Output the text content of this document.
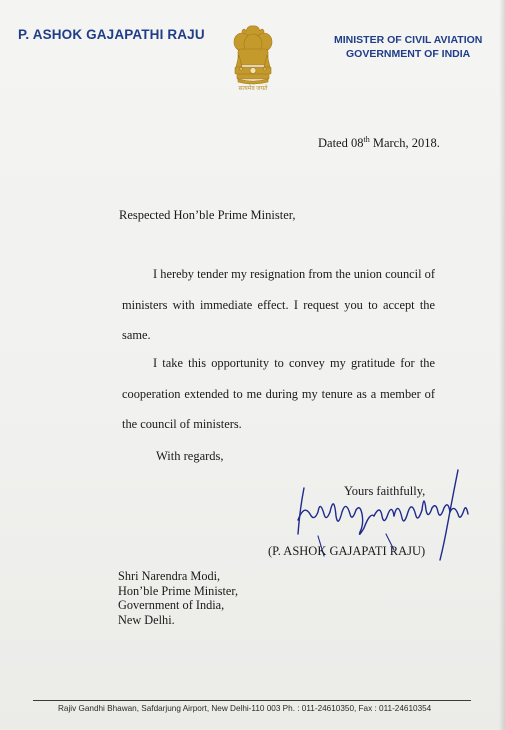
P. ASHOK GAJAPATHI RAJU
सत्यमेव जयते
MINISTER OF CIVIL AVIATION
GOVERNMENT OF INDIA
Dated 08th March, 2018.
Respected Hon’ble Prime Minister,

I hereby tender my resignation from the union council of ministers with immediate effect. I request you to accept the same.

I take this opportunity to convey my gratitude for the cooperation extended to me during my tenure as a member of the council of ministers.

With regards,
Yours faithfully,
(P. ASHOK GAJAPATI RAJU)
Shri Narendra Modi,
Hon’ble Prime Minister,
Government of India,
New Delhi.
Rajiv Gandhi Bhawan, Safdarjung Airport, New Delhi-110 003 Ph. : 011-24610350, Fax : 011-24610354
